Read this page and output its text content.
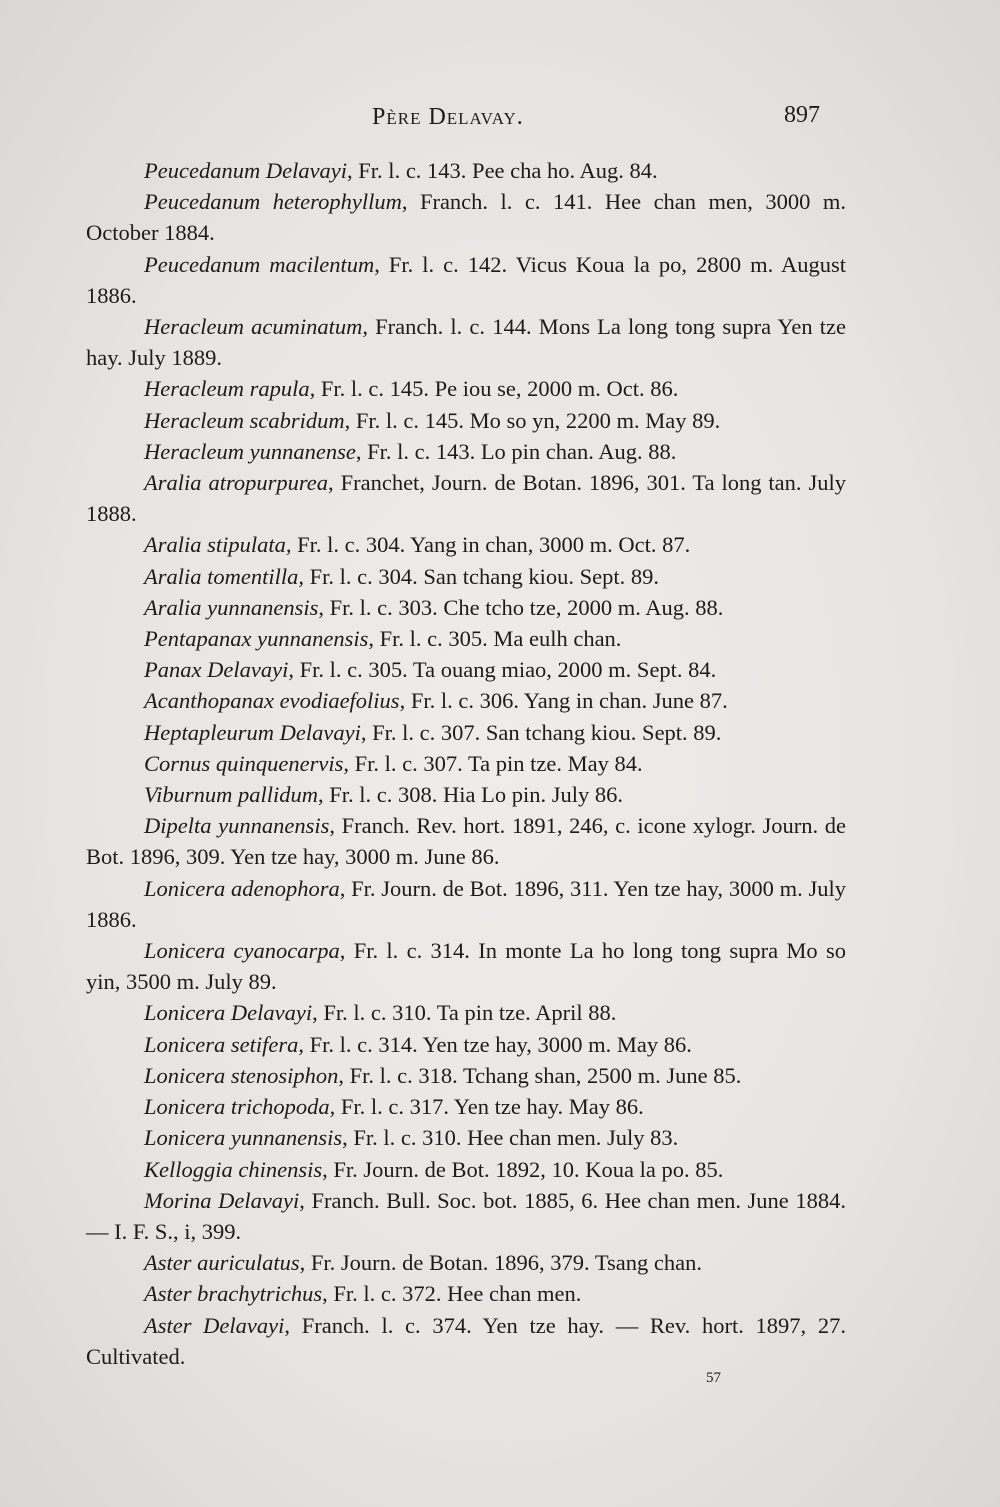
Père Delavay.	897
Peucedanum Delavayi, Fr. l. c. 143. Pee cha ho. Aug. 84.
Peucedanum heterophyllum, Franch. l. c. 141. Hee chan men, 3000 m. October 1884.
Peucedanum macilentum, Fr. l. c. 142. Vicus Koua la po, 2800 m. August 1886.
Heracleum acuminatum, Franch. l. c. 144. Mons La long tong supra Yen tze hay. July 1889.
Heracleum rapula, Fr. l. c. 145. Pe iou se, 2000 m. Oct. 86.
Heracleum scabridum, Fr. l. c. 145. Mo so yn, 2200 m. May 89.
Heracleum yunnanense, Fr. l. c. 143. Lo pin chan. Aug. 88.
Aralia atropurpurea, Franchet, Journ. de Botan. 1896, 301. Ta long tan. July 1888.
Aralia stipulata, Fr. l. c. 304. Yang in chan, 3000 m. Oct. 87.
Aralia tomentilla, Fr. l. c. 304. San tchang kiou. Sept. 89.
Aralia yunnanensis, Fr. l. c. 303. Che tcho tze, 2000 m. Aug. 88.
Pentapanax yunnanensis, Fr. l. c. 305. Ma eulh chan.
Panax Delavayi, Fr. l. c. 305. Ta ouang miao, 2000 m. Sept. 84.
Acanthopanax evodiaefolius, Fr. l. c. 306. Yang in chan. June 87.
Heptapleurum Delavayi, Fr. l. c. 307. San tchang kiou. Sept. 89.
Cornus quinquenervis, Fr. l. c. 307. Ta pin tze. May 84.
Viburnum pallidum, Fr. l. c. 308. Hia Lo pin. July 86.
Dipelta yunnanensis, Franch. Rev. hort. 1891, 246, c. icone xylogr. Journ. de Bot. 1896, 309. Yen tze hay, 3000 m. June 86.
Lonicera adenophora, Fr. Journ. de Bot. 1896, 311. Yen tze hay, 3000 m. July 1886.
Lonicera cyanocarpa, Fr. l. c. 314. In monte La ho long tong supra Mo so yin, 3500 m. July 89.
Lonicera Delavayi, Fr. l. c. 310. Ta pin tze. April 88.
Lonicera setifera, Fr. l. c. 314. Yen tze hay, 3000 m. May 86.
Lonicera stenosiphon, Fr. l. c. 318. Tchang shan, 2500 m. June 85.
Lonicera trichopoda, Fr. l. c. 317. Yen tze hay. May 86.
Lonicera yunnanensis, Fr. l. c. 310. Hee chan men. July 83.
Kelloggia chinensis, Fr. Journ. de Bot. 1892, 10. Koua la po. 85.
Morina Delavayi, Franch. Bull. Soc. bot. 1885, 6. Hee chan men. June 1884. — I. F. S., i, 399.
Aster auriculatus, Fr. Journ. de Botan. 1896, 379. Tsang chan.
Aster brachytrichus, Fr. l. c. 372. Hee chan men.
Aster Delavayi, Franch. l. c. 374. Yen tze hay. — Rev. hort. 1897, 27. Cultivated.
57
